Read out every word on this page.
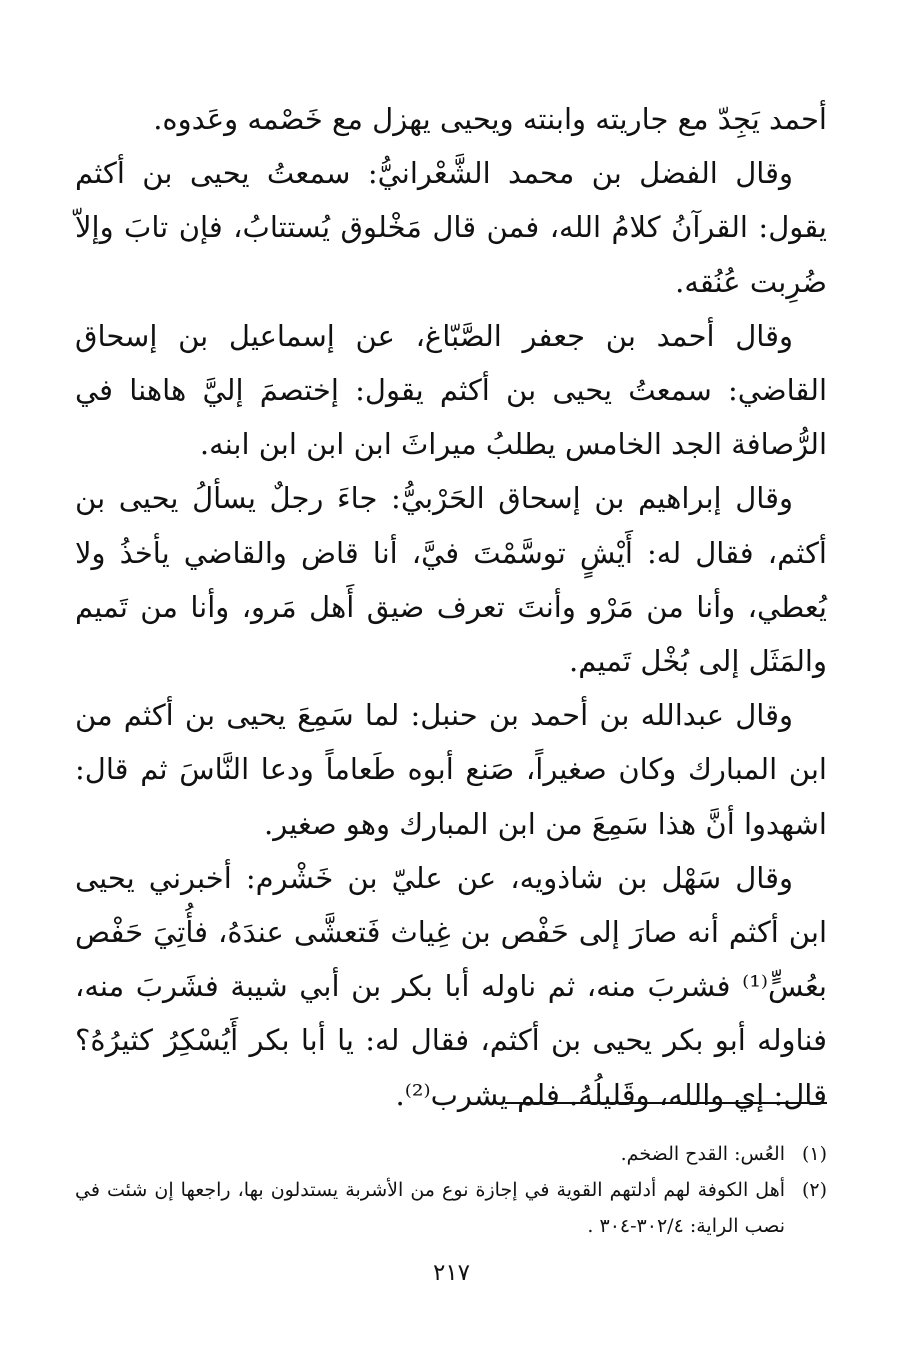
أحمد يَجِدّ مع جاريته وابنته ويحيى يهزل مع خَصْمه وعَدوه.

وقال الفضل بن محمد الشَّعْرانيُّ: سمعتُ يحيى بن أكثم يقول: القرآنُ كلامُ الله، فمن قال مَخْلوق يُستتابُ، فإن تابَ وإلاّ ضُرِبت عُنُقه.

وقال أحمد بن جعفر الصَّبّاغ، عن إسماعيل بن إسحاق القاضي: سمعتُ يحيى بن أكثم يقول: إختصمَ إليَّ هاهنا في الرُّصافة الجد الخامس يطلبُ ميراثَ ابن ابن ابن ابنه.

وقال إبراهيم بن إسحاق الحَرْبيُّ: جاءَ رجلٌ يسألُ يحيى بن أكثم، فقال له: أَيْشٍ توسَّمْتَ فيَّ، أنا قاض والقاضي يأخذُ ولا يُعطي، وأنا من مَرْو وأنتَ تعرف ضيق أَهل مَرو، وأنا من تَميم والمَثَل إلى بُخْل تَميم.

وقال عبدالله بن أحمد بن حنبل: لما سَمِعَ يحيى بن أكثم من ابن المبارك وكان صغيراً، صَنع أبوه طَعاماً ودعا النَّاسَ ثم قال: اشهدوا أنَّ هذا سَمِعَ من ابن المبارك وهو صغير.

وقال سَهْل بن شاذويه، عن عليّ بن خَشْرم: أخبرني يحيى ابن أكثم أنه صارَ إلى حَفْص بن غِياث فَتعشَّى عندَهُ، فأُتِيَ حَفْص بعُسٍّ⁽¹⁾ فشربَ منه، ثم ناوله أبا بكر بن أبي شيبة فشَربَ منه، فناوله أبو بكر يحيى بن أكثم، فقال له: يا أبا بكر أَيُسْكِرُ كثيرُهُ؟ قال: إي والله، وقَليلُهُ. فلم يشرب⁽²⁾.

(١)
العُس: القدح الضخم.
(٢)
أهل الكوفة لهم أدلتهم القوية في إجازة نوع من الأشربة يستدلون بها، راجعها إن شئت في نصب الراية: ٣٠٢/٤-٣٠٤ .
٢١٧
